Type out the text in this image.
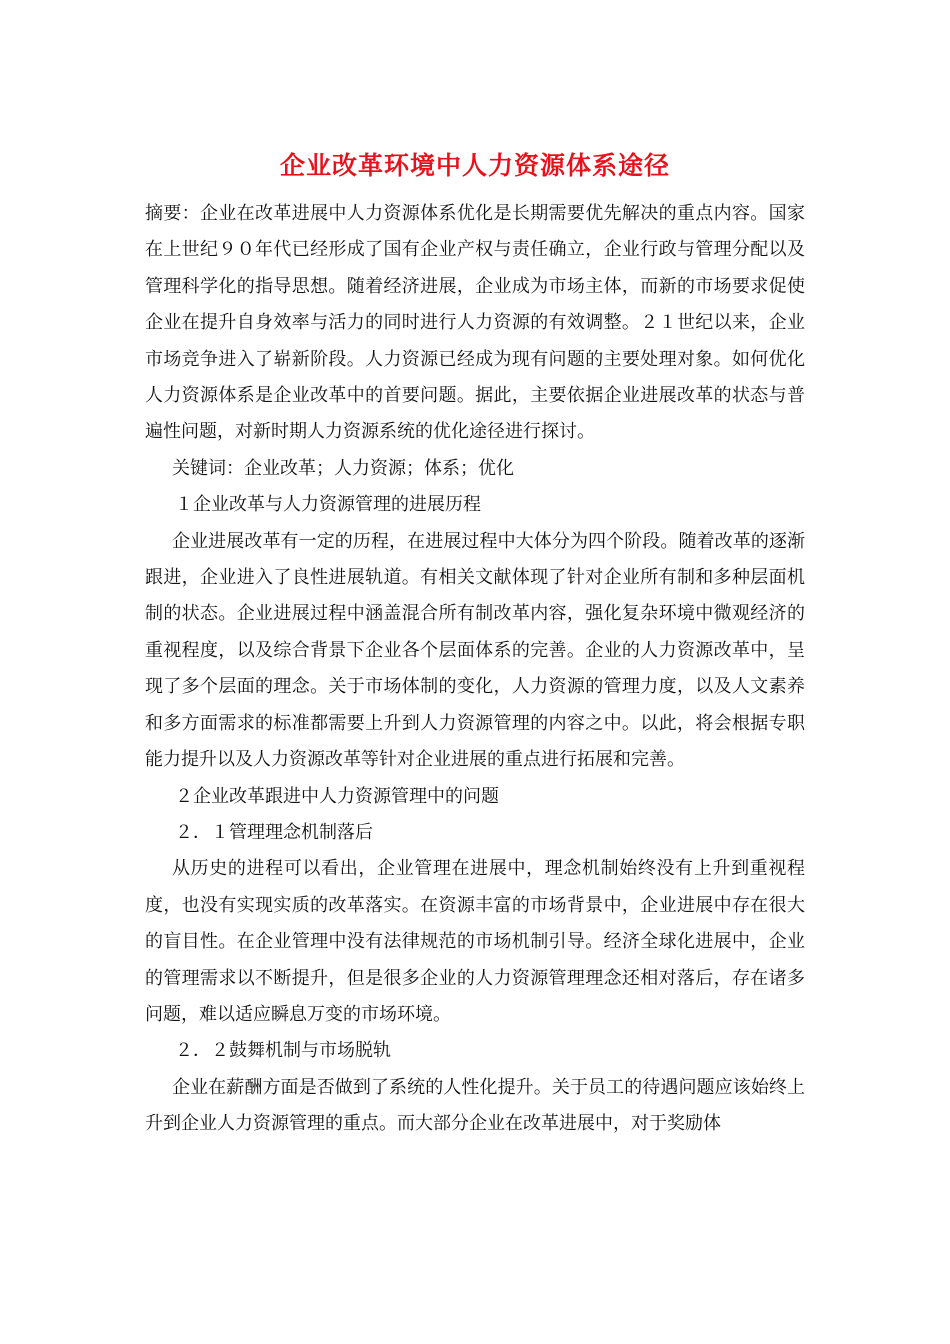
企业改革环境中人力资源体系途径

摘要：企业在改革进展中人力资源体系优化是长期需要优先解决的重点内容。国家在上世纪９０年代已经形成了国有企业产权与责任确立，企业行政与管理分配以及管理科学化的指导思想。随着经济进展，企业成为市场主体，而新的市场要求促使企业在提升自身效率与活力的同时进行人力资源的有效调整。２１世纪以来，企业市场竞争进入了崭新阶段。人力资源已经成为现有问题的主要处理对象。如何优化人力资源体系是企业改革中的首要问题。据此，主要依据企业进展改革的状态与普遍性问题，对新时期人力资源系统的优化途径进行探讨。

关键词：企业改革；人力资源；体系；优化

１企业改革与人力资源管理的进展历程

企业进展改革有一定的历程，在进展过程中大体分为四个阶段。随着改革的逐渐跟进，企业进入了良性进展轨道。有相关文献体现了针对企业所有制和多种层面机制的状态。企业进展过程中涵盖混合所有制改革内容，强化复杂环境中微观经济的重视程度，以及综合背景下企业各个层面体系的完善。企业的人力资源改革中，呈现了多个层面的理念。关于市场体制的变化，人力资源的管理力度，以及人文素养和多方面需求的标准都需要上升到人力资源管理的内容之中。以此，将会根据专职能力提升以及人力资源改革等针对企业进展的重点进行拓展和完善。

２企业改革跟进中人力资源管理中的问题

２．１管理理念机制落后

从历史的进程可以看出，企业管理在进展中，理念机制始终没有上升到重视程度，也没有实现实质的改革落实。在资源丰富的市场背景中，企业进展中存在很大的盲目性。在企业管理中没有法律规范的市场机制引导。经济全球化进展中，企业的管理需求以不断提升，但是很多企业的人力资源管理理念还相对落后，存在诸多问题，难以适应瞬息万变的市场环境。

２．２鼓舞机制与市场脱轨

企业在薪酬方面是否做到了系统的人性化提升。关于员工的待遇问题应该始终上升到企业人力资源管理的重点。而大部分企业在改革进展中，对于奖励体
